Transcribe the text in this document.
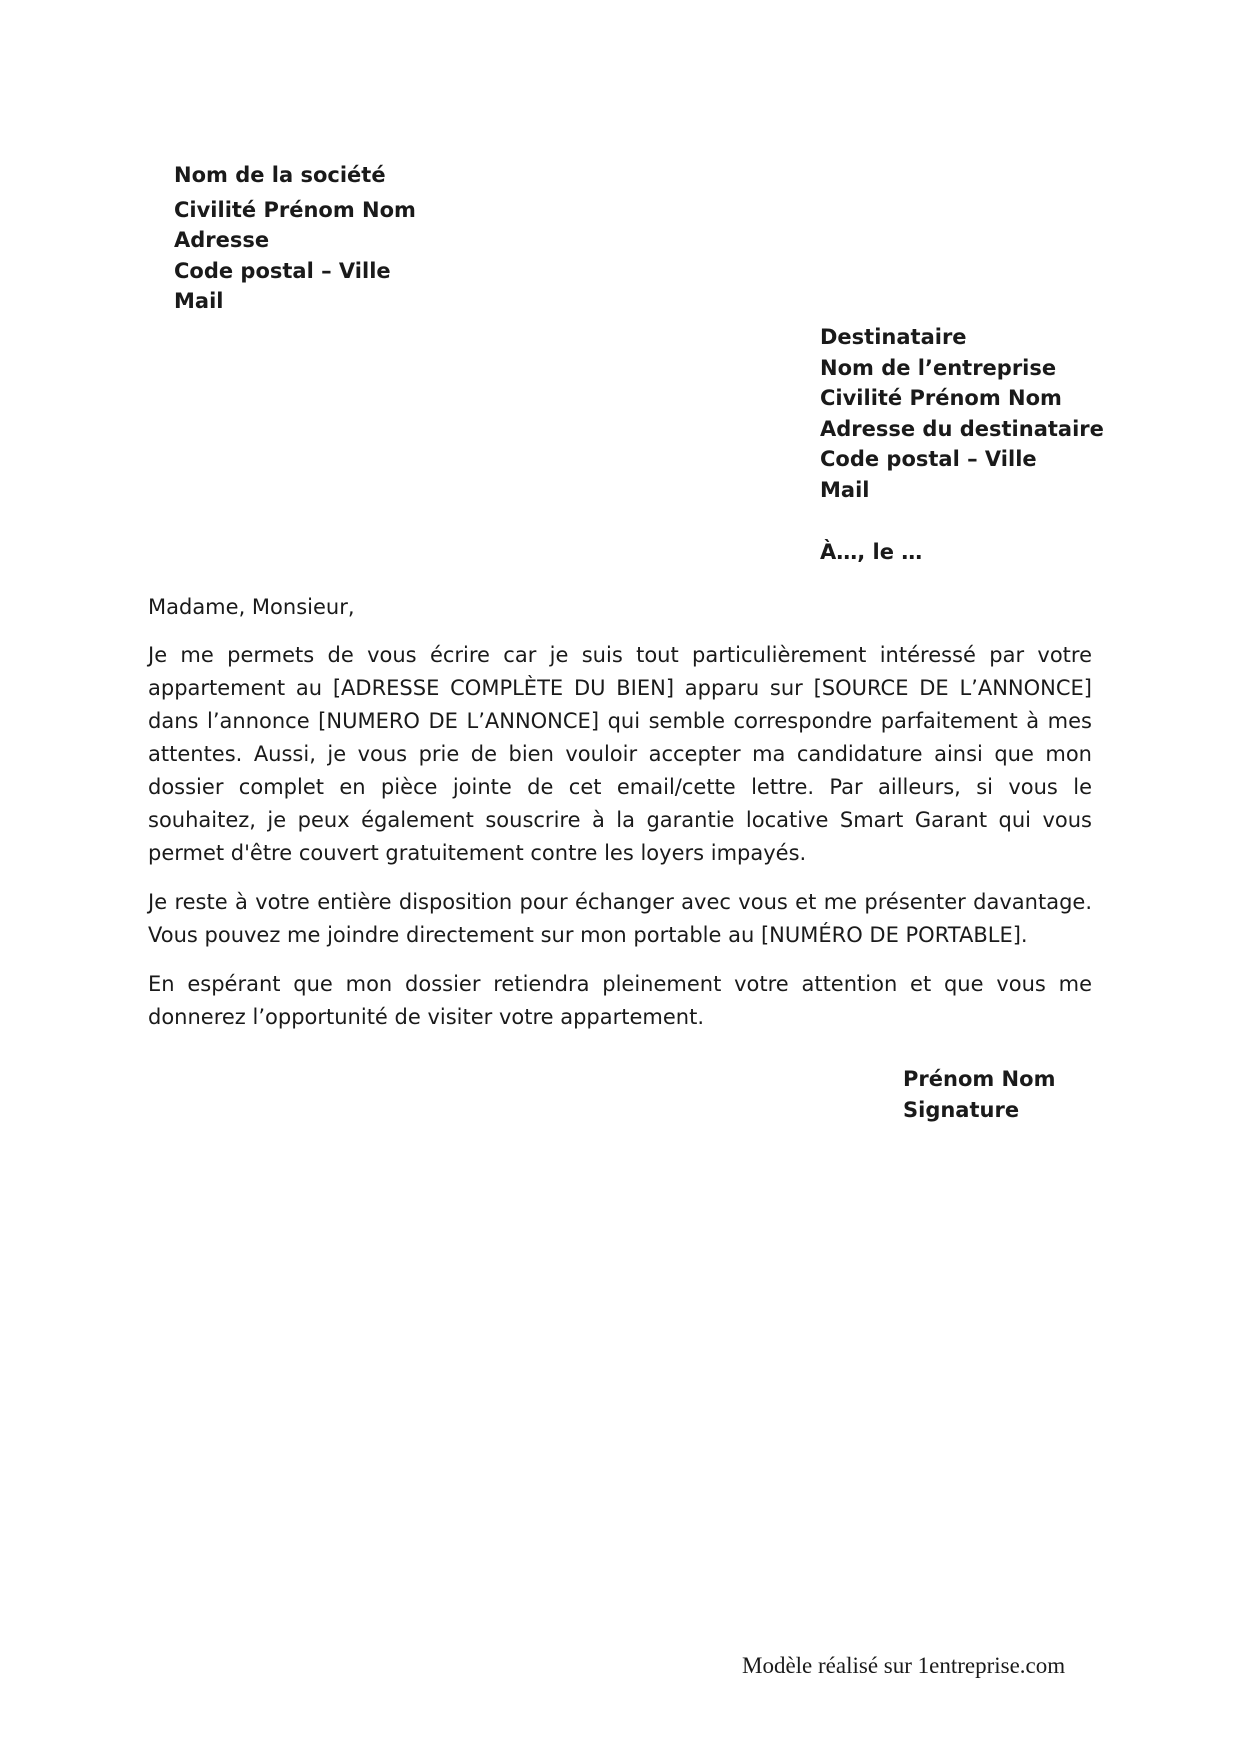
Nom de la société
Civilité Prénom Nom
Adresse
Code postal – Ville
Mail
Destinataire
Nom de l’entreprise
Civilité Prénom Nom
Adresse du destinataire
Code postal – Ville
Mail
À…, le …
Madame, Monsieur,
Je me permets de vous écrire car je suis tout particulièrement intéressé par votre appartement au [ADRESSE COMPLÈTE DU BIEN] apparu sur [SOURCE DE L’ANNONCE] dans l’annonce [NUMERO DE L’ANNONCE] qui semble correspondre parfaitement à mes attentes. Aussi, je vous prie de bien vouloir accepter ma candidature ainsi que mon dossier complet en pièce jointe de cet email/cette lettre. Par ailleurs, si vous le souhaitez, je peux également souscrire à la garantie locative Smart Garant qui vous permet d'être couvert gratuitement contre les loyers impayés.
Je reste à votre entière disposition pour échanger avec vous et me présenter davantage. Vous pouvez me joindre directement sur mon portable au [NUMÉRO DE PORTABLE].
En espérant que mon dossier retiendra pleinement votre attention et que vous me donnerez l’opportunité de visiter votre appartement.
Prénom Nom
Signature
Modèle réalisé sur 1entreprise.com
